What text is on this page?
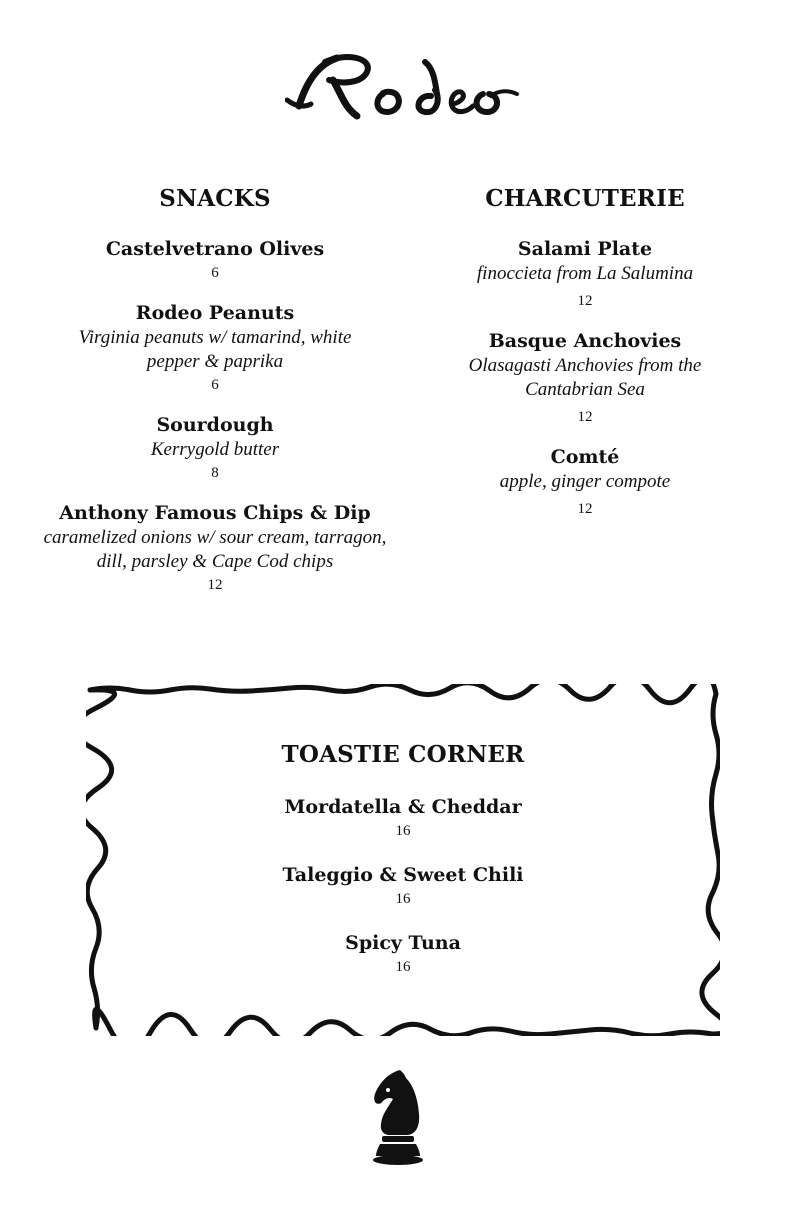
SNACKS
Castelvetrano Olives
6
Rodeo Peanuts
Virginia peanuts w/ tamarind, white pepper & paprika
6
Sourdough
Kerrygold butter
8
Anthony Famous Chips & Dip
caramelized onions w/ sour cream, tarragon, dill, parsley & Cape Cod chips
12
CHARCUTERIE
Salami Plate
finoccieta from La Salumina
12
Basque Anchovies
Olasagasti Anchovies from the Cantabrian Sea
12
Comté
apple, ginger compote
12
TOASTIE CORNER
Mordatella & Cheddar
16
Taleggio & Sweet Chili
16
Spicy Tuna
16
